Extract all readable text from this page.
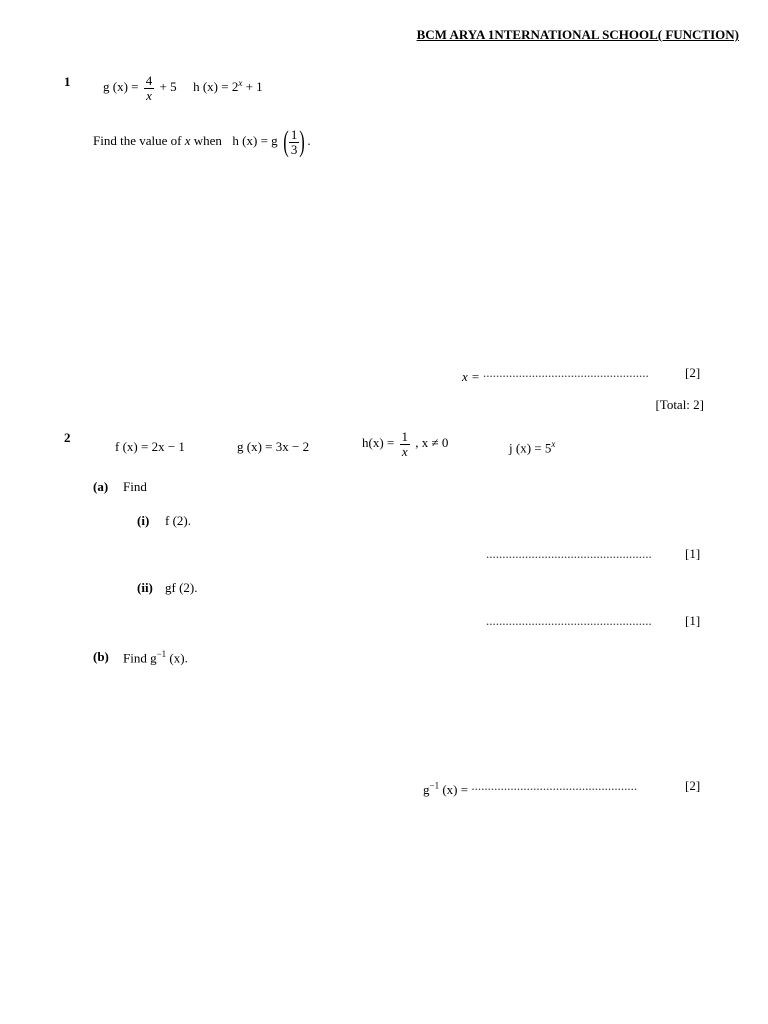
BCM ARYA 1NTERNATIONAL SCHOOL( FUNCTION)
1	g $(x) = \frac{4}{x} + 5$ h $(x) = 2^x + 1$
Find the value of x when h (x) = g ( $\frac{1}{3}$ ) .
x = ...................................................	[2]
[Total: 2]
2
f (x) = 2x − 1	g (x) = 3x − 2	$h(x) = \frac{1}{x}$ , x ≠ 0	j $(x) = 5^x$
(a) Find
(i) f (2).
...................................................	[1]
(ii) gf (2).
...................................................	[1]
(b) Find $g^{-1}$ (x).
$g^{-1}$ (x) = ...................................................	[2]
